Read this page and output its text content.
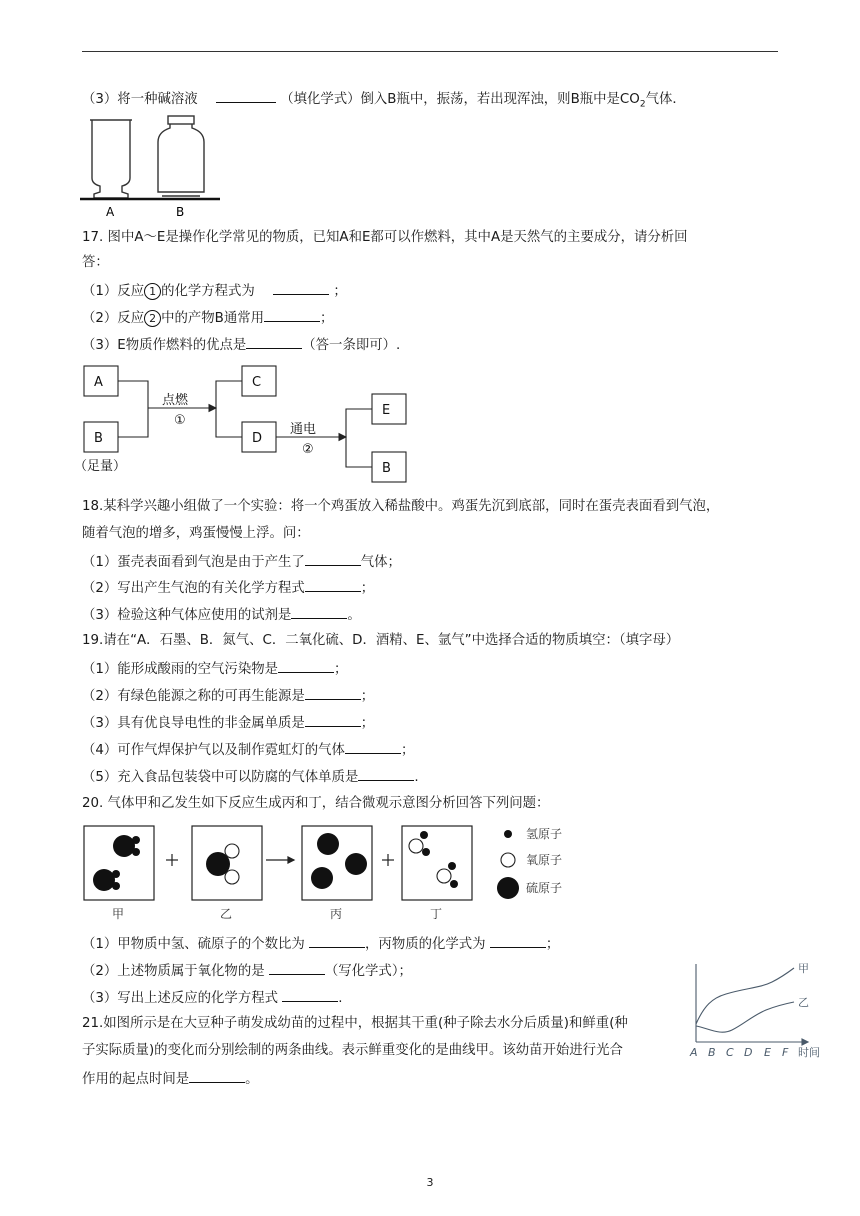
（3）将一种碱溶液	（填化学式）倒入B瓶中，振荡，若出现浑浊，则B瓶中是$CO_2$气体．
A	B
17. 图中A～E是操作化学常见的物质，已知A和E都可以作燃料，其中A是天然气的主要成分，请分析回
答：
（1）反应 1 的化学方程式为	；
（2）反应 2 中的产物B通常用	；
（3）E物质作燃料的优点是	（答一条即可）.
A
B
C
D
E
B
点燃
①
通电
②
（足量）
18.某科学兴趣小组做了一个实验：将一个鸡蛋放入稀盐酸中。鸡蛋先沉到底部，同时在蛋壳表面看到气泡，
随着气泡的增多，鸡蛋慢慢上浮。问：
（1）蛋壳表面看到气泡是由于产生了	气体；
（2）写出产生气泡的有关化学方程式	；
（3）检验这种气体应使用的试剂是	。
19.请在“A．石墨、B．氮气、C．二氧化硫、D．酒精、E、氩气”中选择合适的物质填空：（填字母）
（1）能形成酸雨的空气污染物是	；
（2）有绿色能源之称的可再生能源是	；
（3）具有优良导电性的非金属单质是	；
（4）可作气焊保护气以及制作霓虹灯的气体	；
（5）充入食品包装袋中可以防腐的气体单质是	.
20. 气体甲和乙发生如下反应生成丙和丁，结合微观示意图分析回答下列问题：
氢原子
氧原子
硫原子
甲	乙	丙	丁
（1）甲物质中氢、硫原子的个数比为	，丙物质的化学式为	；
（2）上述物质属于氧化物的是	（写化学式）；
（3）写出上述反应的化学方程式	.
21.如图所示是在大豆种子萌发成幼苗的过程中，根据其干重(种子除去水分后质量)和鲜重(种
子实际质量)的变化而分别绘制的两条曲线。表示鲜重变化的是曲线甲。该幼苗开始进行光合
作用的起点时间是	。
甲
乙
A B C D E F 时间
3
